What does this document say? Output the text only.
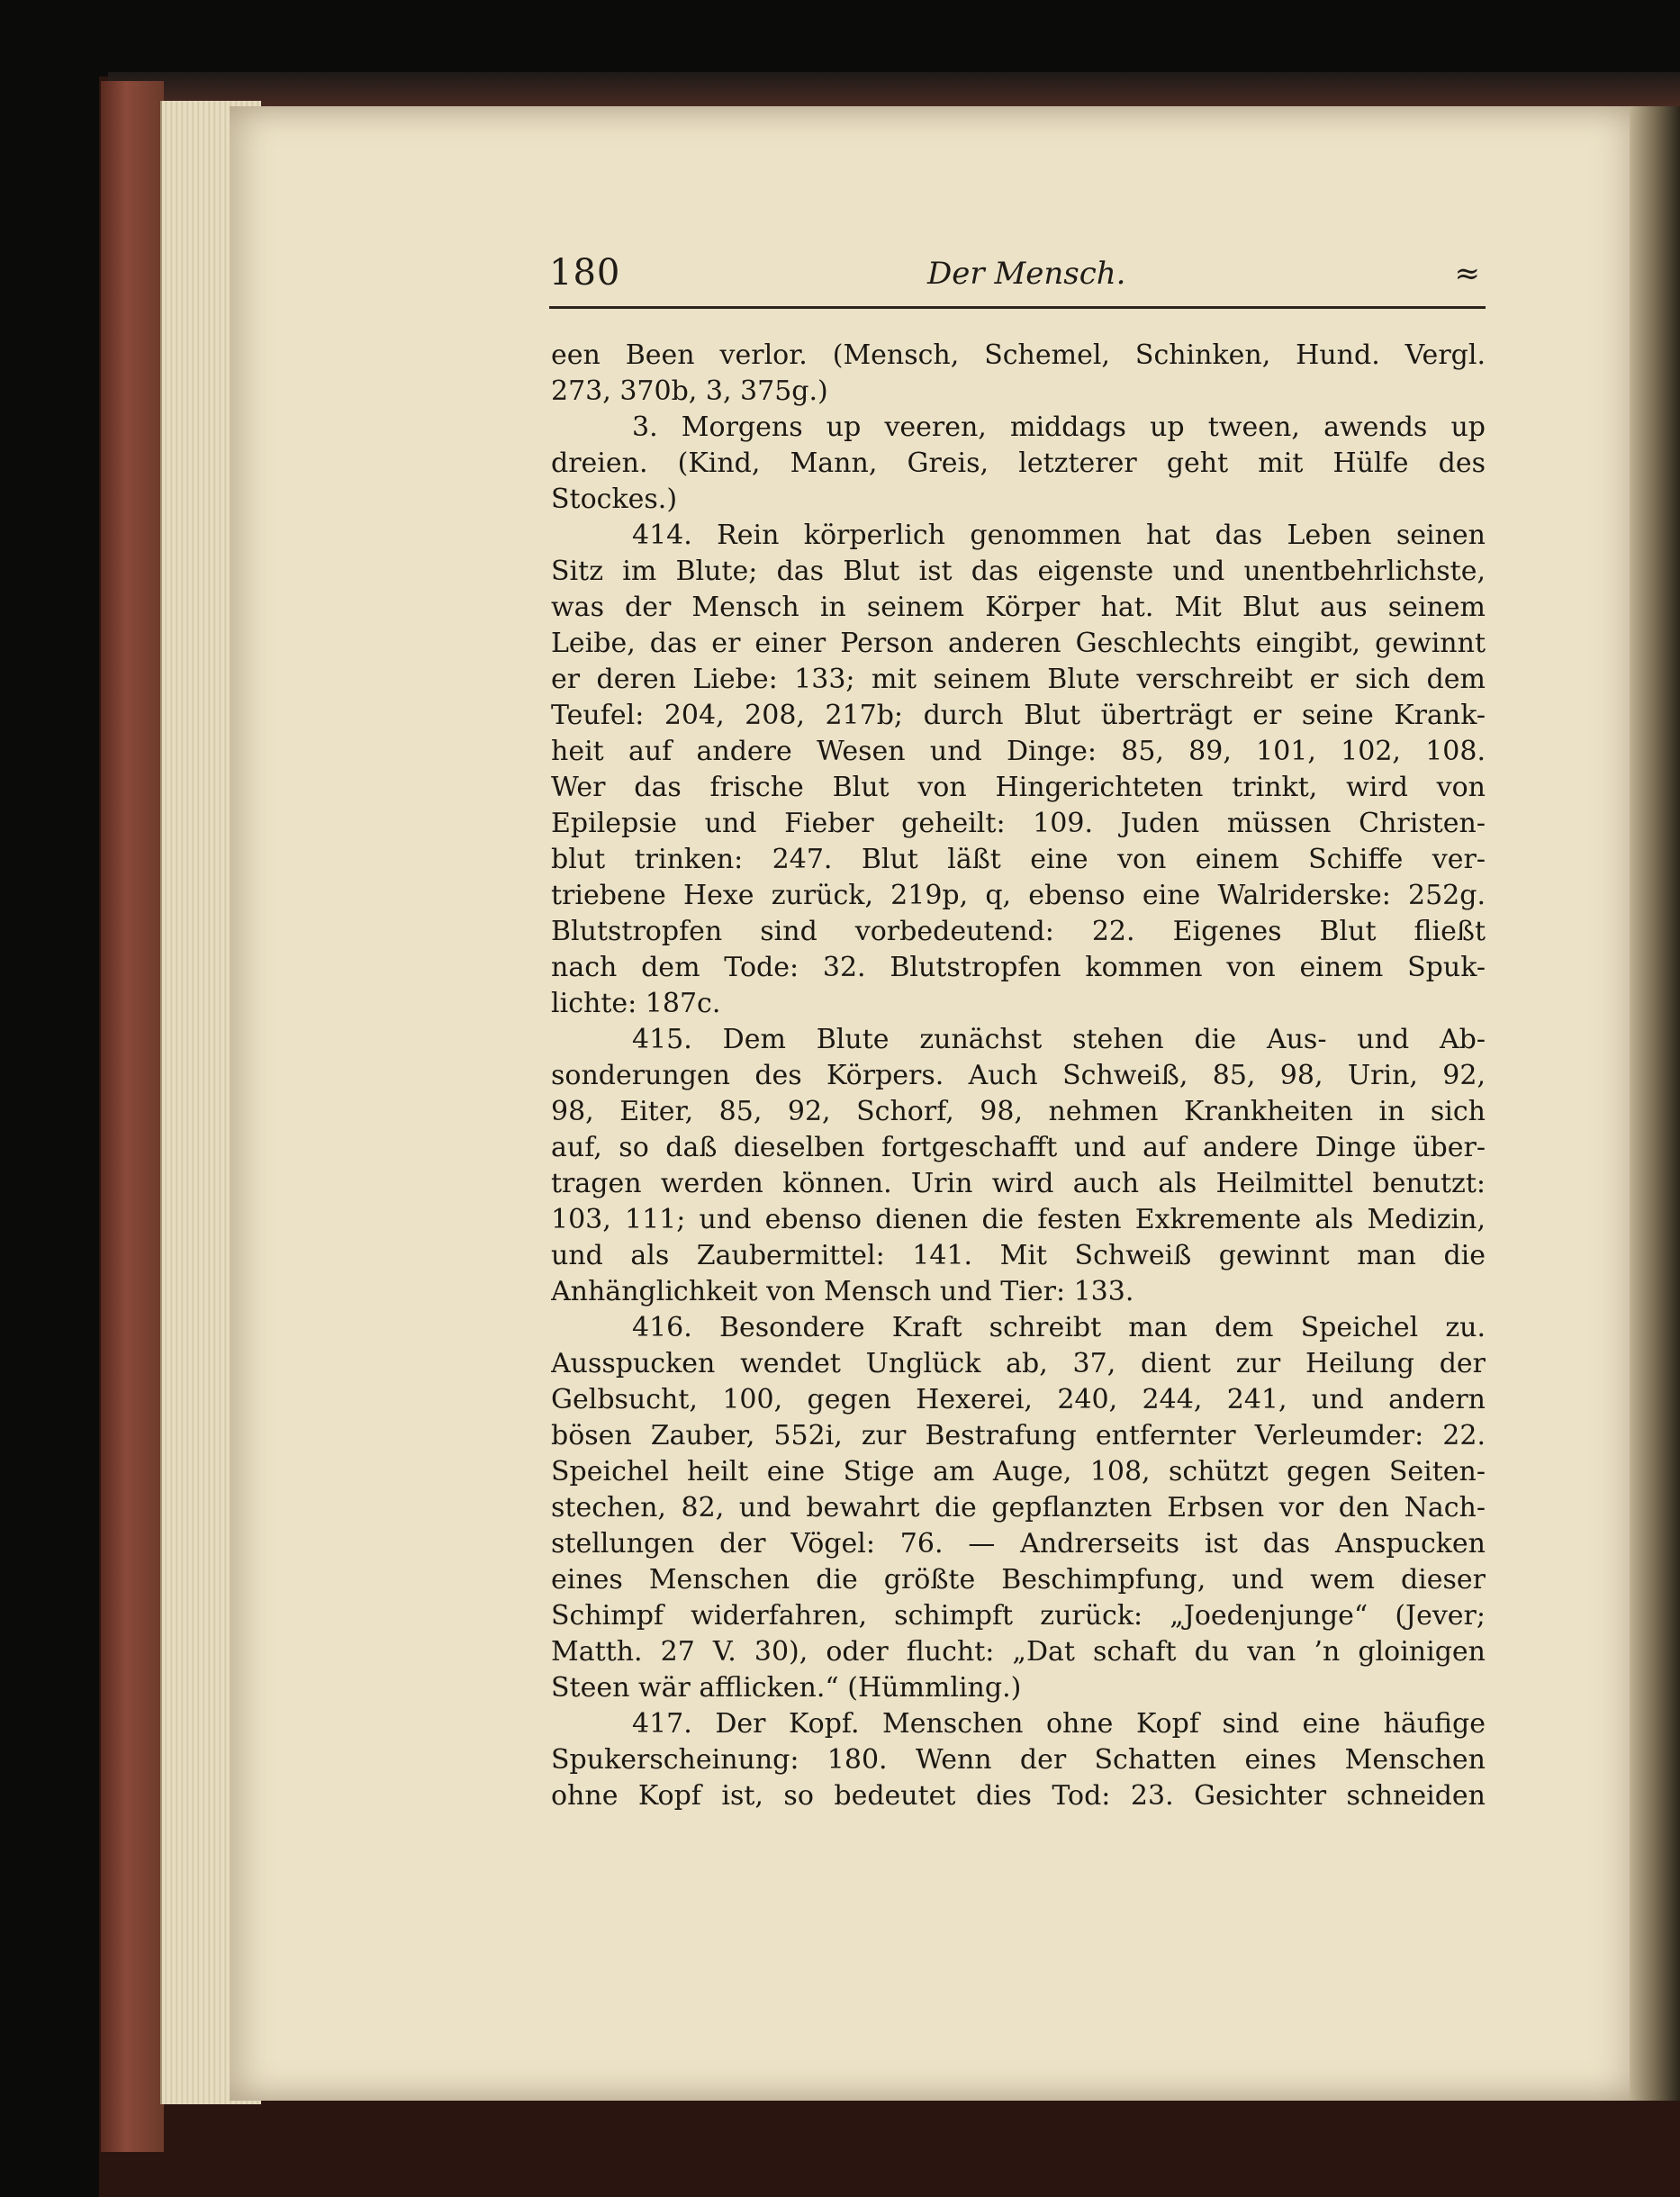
180	Der Mensch.	≈
een Been verlor. (Mensch, Schemel, Schinken, Hund. Vergl.
273, 370b, 3, 375g.)
3. Morgens up veeren, middags up tween, awends up
dreien. (Kind, Mann, Greis, letzterer geht mit Hülfe des
Stockes.)
414. Rein körperlich genommen hat das Leben seinen
Sitz im Blute; das Blut ist das eigenste und unentbehrlichste,
was der Mensch in seinem Körper hat. Mit Blut aus seinem
Leibe, das er einer Person anderen Geschlechts eingibt, gewinnt
er deren Liebe: 133; mit seinem Blute verschreibt er sich dem
Teufel: 204, 208, 217b; durch Blut überträgt er seine Krank-
heit auf andere Wesen und Dinge: 85, 89, 101, 102, 108.
Wer das frische Blut von Hingerichteten trinkt, wird von
Epilepsie und Fieber geheilt: 109. Juden müssen Christen-
blut trinken: 247. Blut läßt eine von einem Schiffe ver-
triebene Hexe zurück, 219p, q, ebenso eine Walriderske: 252g.
Blutstropfen sind vorbedeutend: 22. Eigenes Blut fließt
nach dem Tode: 32. Blutstropfen kommen von einem Spuk-
lichte: 187c.
415. Dem Blute zunächst stehen die Aus- und Ab-
sonderungen des Körpers. Auch Schweiß, 85, 98, Urin, 92,
98, Eiter, 85, 92, Schorf, 98, nehmen Krankheiten in sich
auf, so daß dieselben fortgeschafft und auf andere Dinge über-
tragen werden können. Urin wird auch als Heilmittel benutzt:
103, 111; und ebenso dienen die festen Exkremente als Medizin,
und als Zaubermittel: 141. Mit Schweiß gewinnt man die
Anhänglichkeit von Mensch und Tier: 133.
416. Besondere Kraft schreibt man dem Speichel zu.
Ausspucken wendet Unglück ab, 37, dient zur Heilung der
Gelbsucht, 100, gegen Hexerei, 240, 244, 241, und andern
bösen Zauber, 552i, zur Bestrafung entfernter Verleumder: 22.
Speichel heilt eine Stige am Auge, 108, schützt gegen Seiten-
stechen, 82, und bewahrt die gepflanzten Erbsen vor den Nach-
stellungen der Vögel: 76. — Andrerseits ist das Anspucken
eines Menschen die größte Beschimpfung, und wem dieser
Schimpf widerfahren, schimpft zurück: „Joedenjunge“ (Jever;
Matth. 27 V. 30), oder flucht: „Dat schaft du van ’n gloinigen
Steen wär afflicken.“ (Hümmling.)
417. Der Kopf. Menschen ohne Kopf sind eine häufige
Spukerscheinung: 180. Wenn der Schatten eines Menschen
ohne Kopf ist, so bedeutet dies Tod: 23. Gesichter schneiden
